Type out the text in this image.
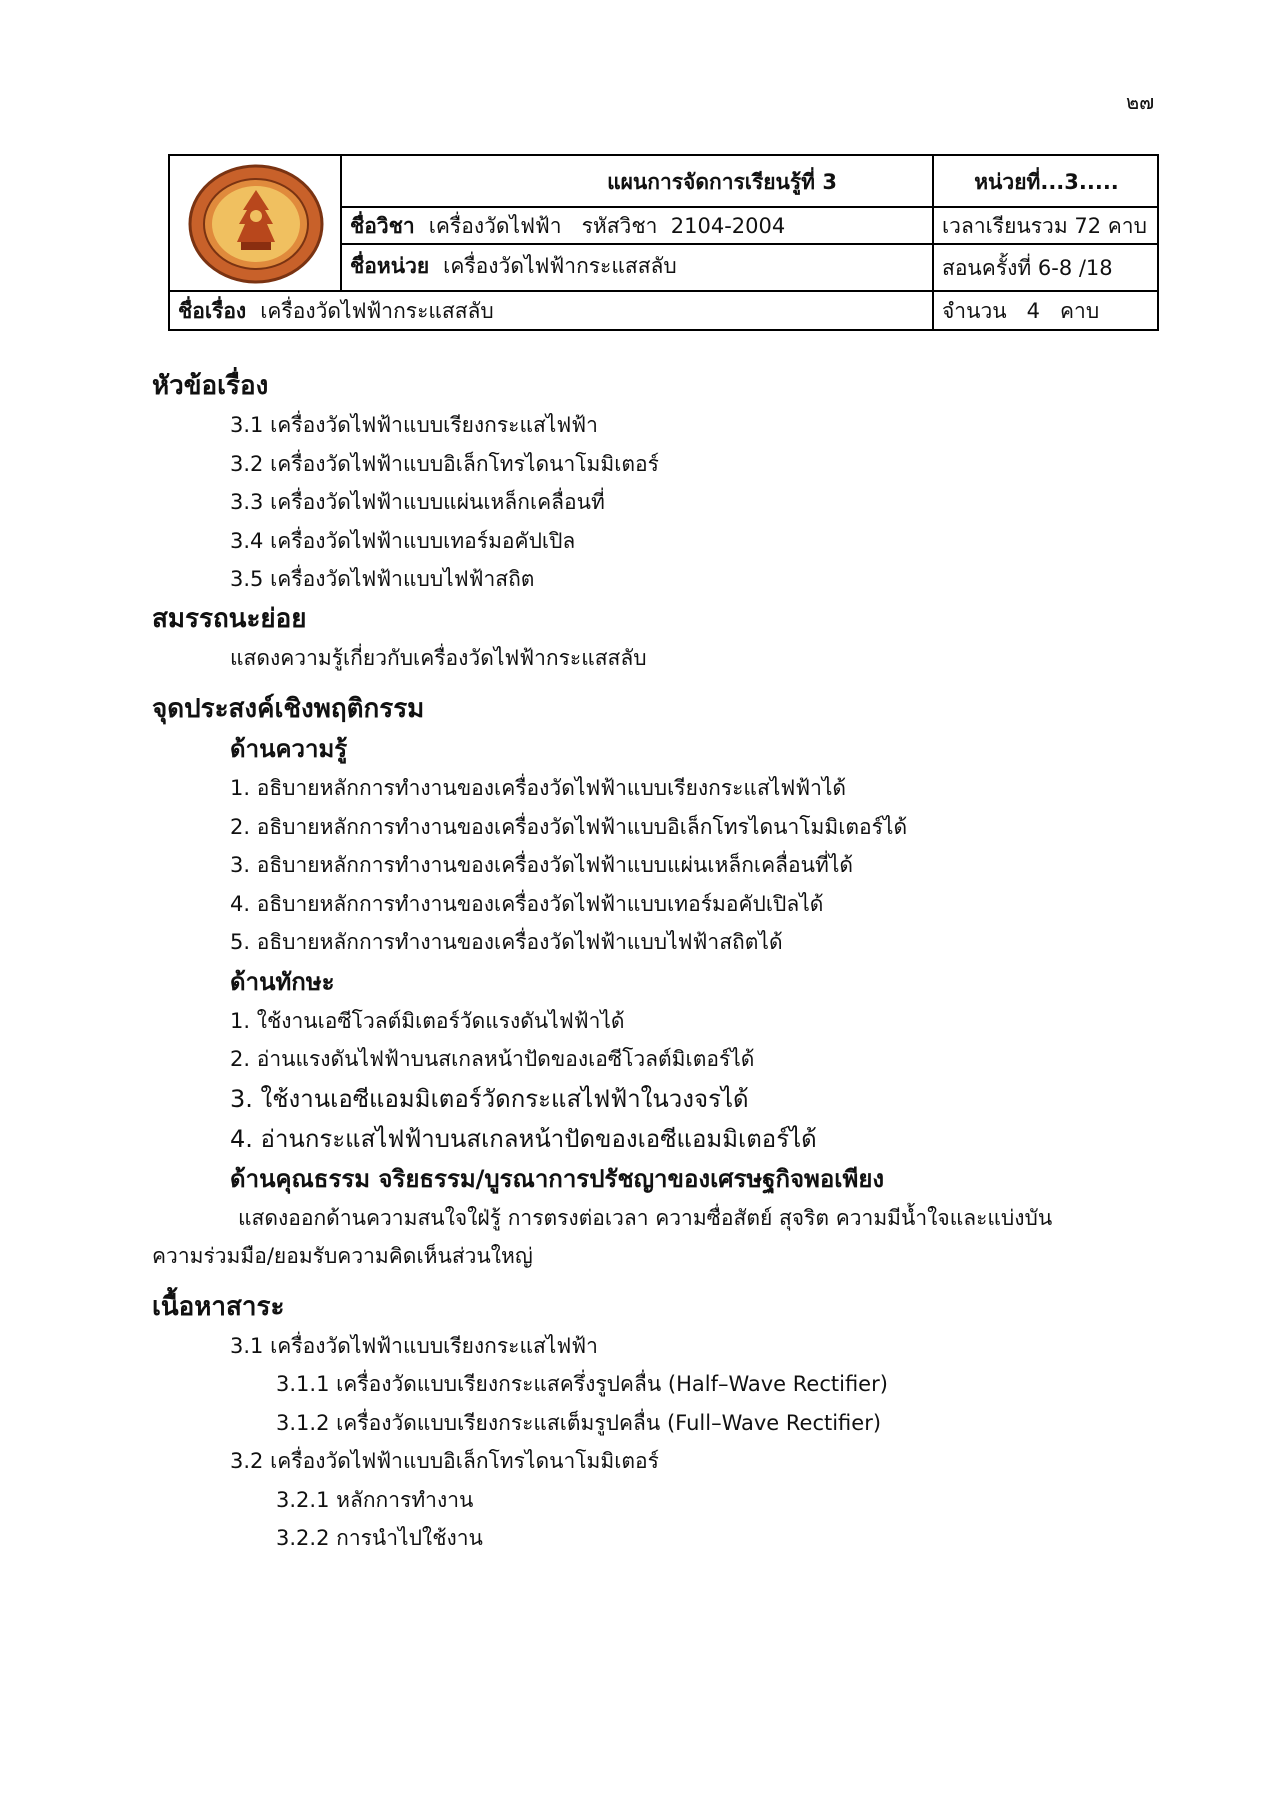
๒๗
แผนการจัดการเรียนรู้ที่ 3	หน่วยที่...3.....
ชื่อวิชา เครื่องวัดไฟฟ้า   รหัสวิชา  2104-2004	เวลาเรียนรวม 72 คาบ
ชื่อหน่วย เครื่องวัดไฟฟ้ากระแสสลับ	สอนครั้งที่ 6-8 /18
ชื่อเรื่อง เครื่องวัดไฟฟ้ากระแสสลับ	จำนวน   4   คาบ
หัวข้อเรื่อง
3.1 เครื่องวัดไฟฟ้าแบบเรียงกระแสไฟฟ้า
3.2 เครื่องวัดไฟฟ้าแบบอิเล็กโทรไดนาโมมิเตอร์
3.3 เครื่องวัดไฟฟ้าแบบแผ่นเหล็กเคลื่อนที่
3.4 เครื่องวัดไฟฟ้าแบบเทอร์มอคัปเปิล
3.5 เครื่องวัดไฟฟ้าแบบไฟฟ้าสถิต
สมรรถนะย่อย
แสดงความรู้เกี่ยวกับเครื่องวัดไฟฟ้ากระแสสลับ
จุดประสงค์เชิงพฤติกรรม
ด้านความรู้
1. อธิบายหลักการทำงานของเครื่องวัดไฟฟ้าแบบเรียงกระแสไฟฟ้าได้
2. อธิบายหลักการทำงานของเครื่องวัดไฟฟ้าแบบอิเล็กโทรไดนาโมมิเตอร์ได้
3. อธิบายหลักการทำงานของเครื่องวัดไฟฟ้าแบบแผ่นเหล็กเคลื่อนที่ได้
4. อธิบายหลักการทำงานของเครื่องวัดไฟฟ้าแบบเทอร์มอคัปเปิลได้
5. อธิบายหลักการทำงานของเครื่องวัดไฟฟ้าแบบไฟฟ้าสถิตได้
ด้านทักษะ
1. ใช้งานเอซีโวลต์มิเตอร์วัดแรงดันไฟฟ้าได้
2. อ่านแรงดันไฟฟ้าบนสเกลหน้าปัดของเอซีโวลต์มิเตอร์ได้
3. ใช้งานเอซีแอมมิเตอร์วัดกระแสไฟฟ้าในวงจรได้
4. อ่านกระแสไฟฟ้าบนสเกลหน้าปัดของเอซีแอมมิเตอร์ได้
ด้านคุณธรรม จริยธรรม/บูรณาการปรัชญาของเศรษฐกิจพอเพียง
แสดงออกด้านความสนใจใฝ่รู้ การตรงต่อเวลา ความซื่อสัตย์ สุจริต ความมีน้ำใจและแบ่งบัน
ความร่วมมือ/ยอมรับความคิดเห็นส่วนใหญ่
เนื้อหาสาระ
3.1 เครื่องวัดไฟฟ้าแบบเรียงกระแสไฟฟ้า
3.1.1 เครื่องวัดแบบเรียงกระแสครึ่งรูปคลื่น (Half–Wave Rectifier)
3.1.2 เครื่องวัดแบบเรียงกระแสเต็มรูปคลื่น (Full–Wave Rectifier)
3.2 เครื่องวัดไฟฟ้าแบบอิเล็กโทรไดนาโมมิเตอร์
3.2.1 หลักการทำงาน
3.2.2 การนำไปใช้งาน
